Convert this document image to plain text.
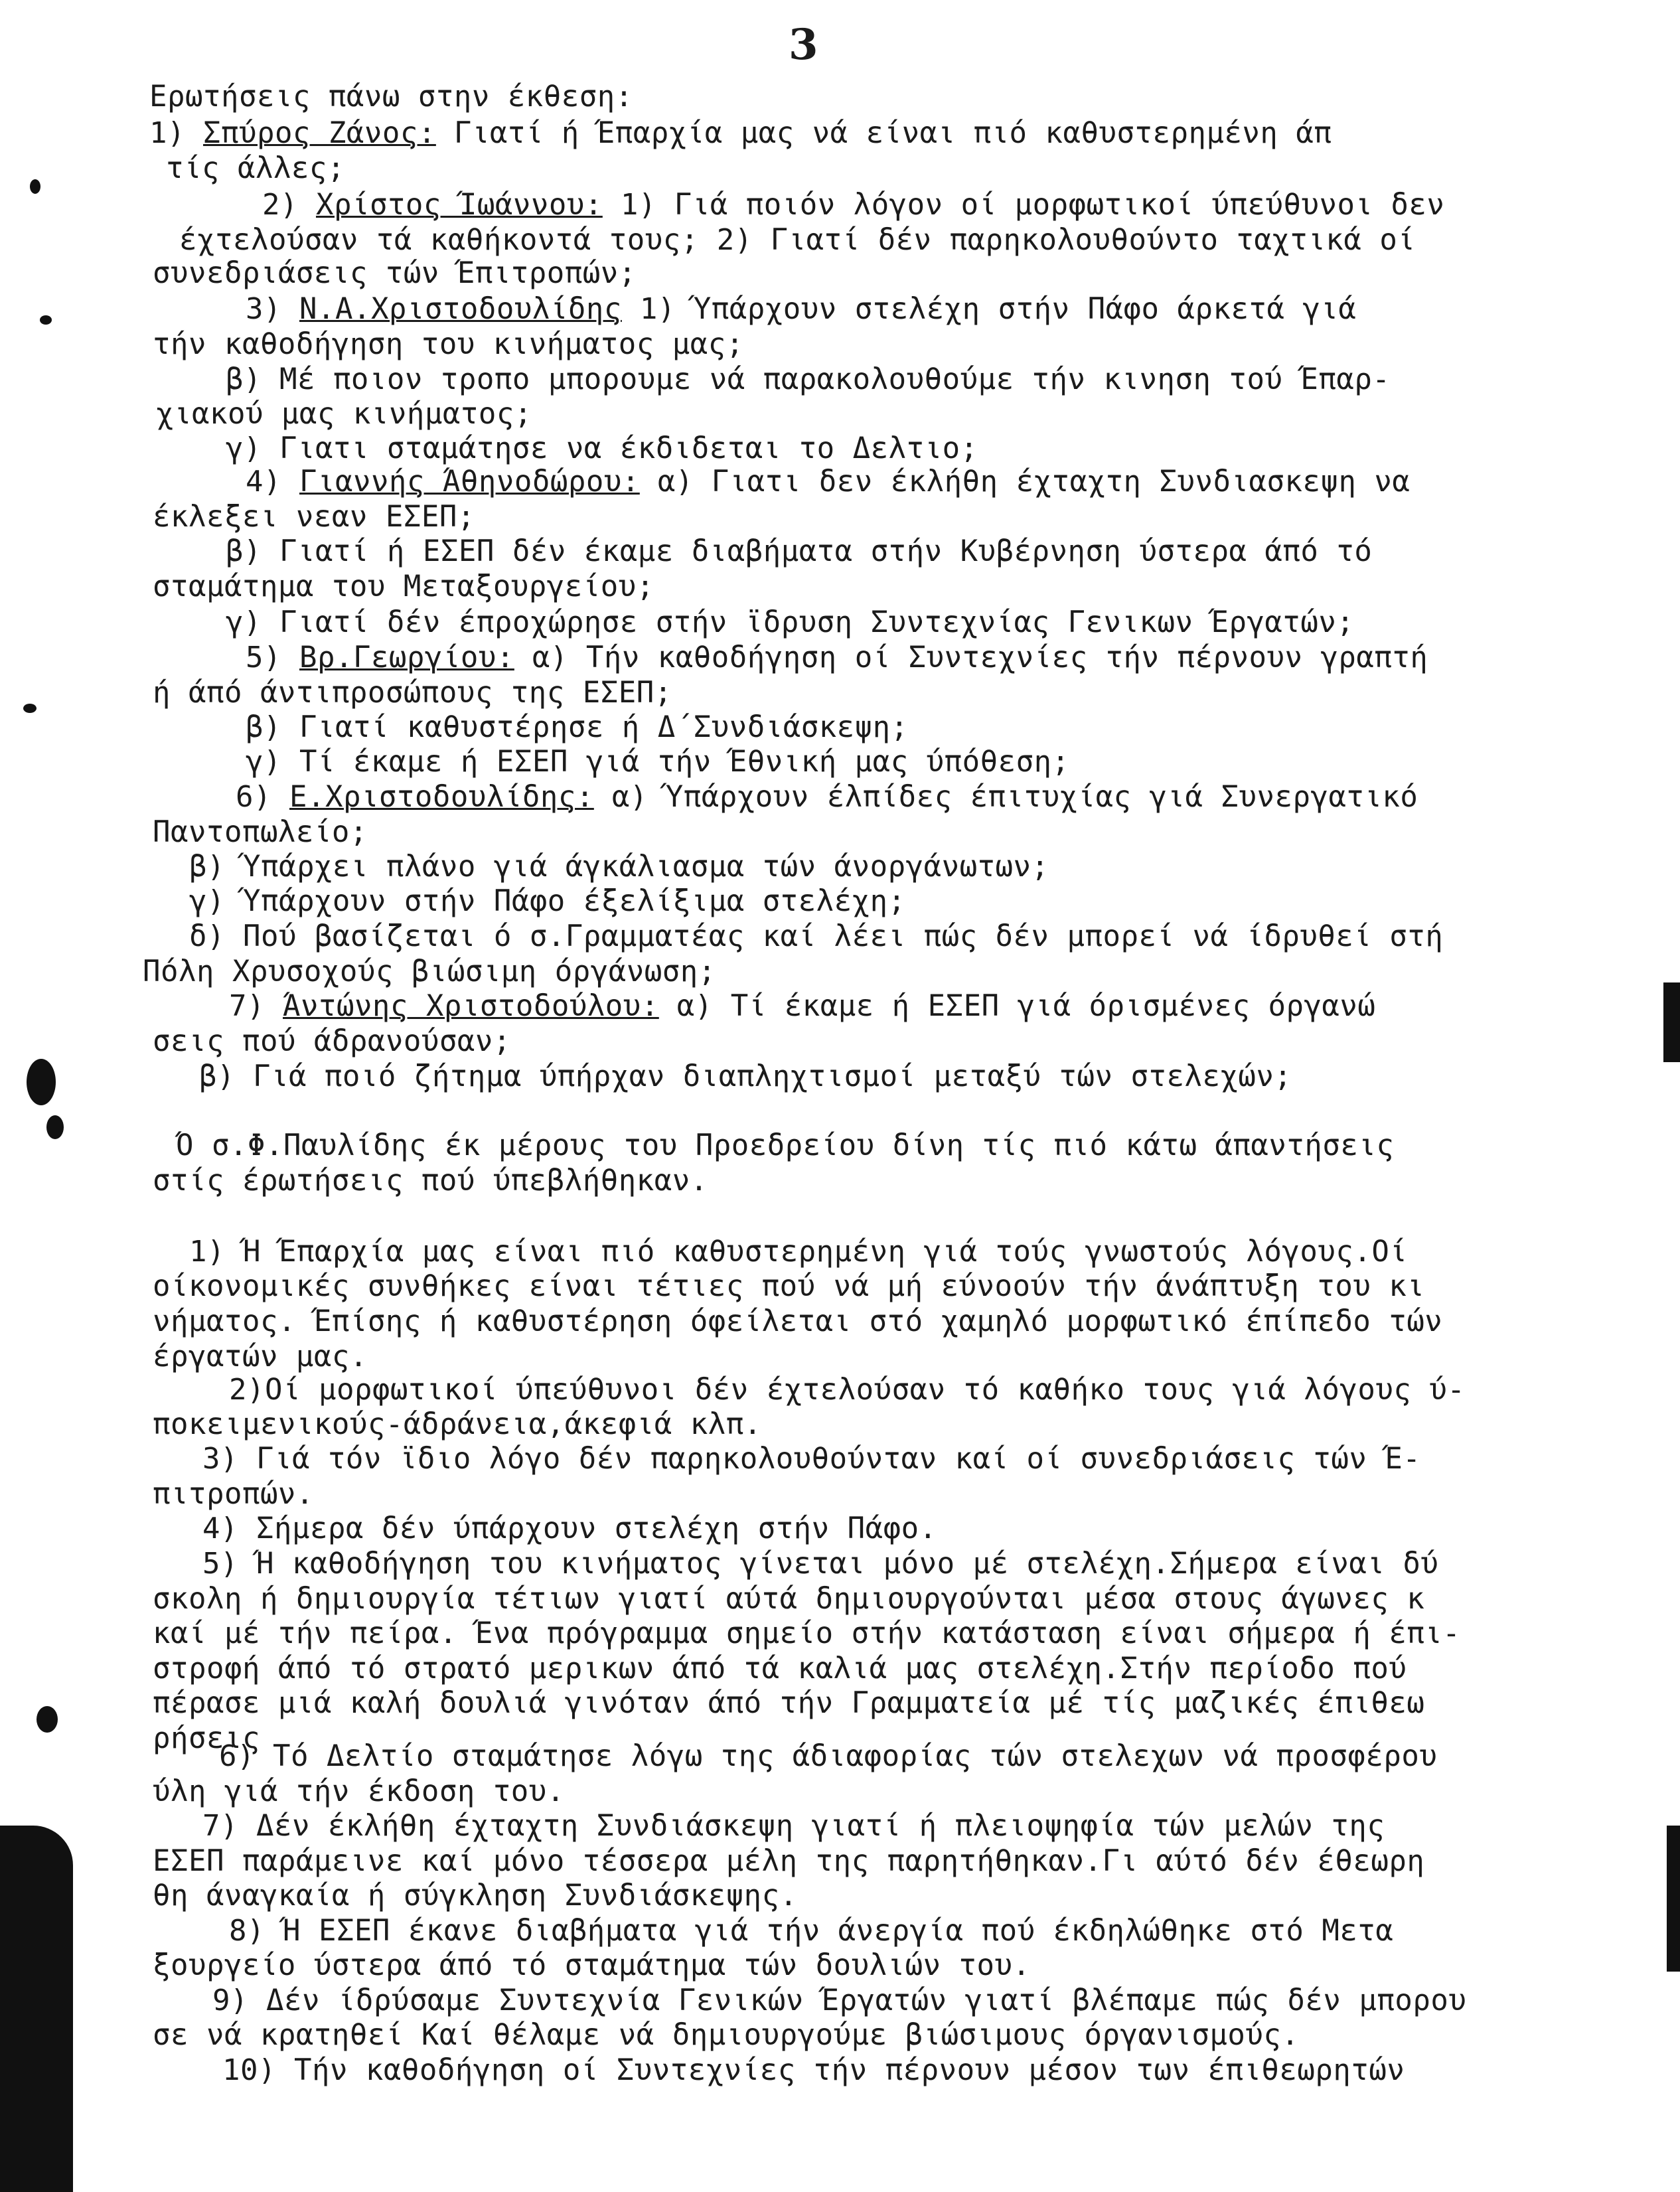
3
Ερωτήσεις πάνω στην έκθεση:
1) Σπύρος Ζάνος: Γιατί ή Έπαρχία μας νά είναι πιό καθυστερημένη άπ
τίς άλλες;
2) Χρίστος Ίωάννου: 1) Γιά ποιόν λόγον οί μορφωτικοί ύπεύθυνοι δεν
έχτελούσαν τά καθήκοντά τους; 2) Γιατί δέν παρηκολουθούντο ταχτικά οί
συνεδριάσεις τών Έπιτροπών;
3) Ν.Α.Χριστοδουλίδης 1) Ύπάρχουν στελέχη στήν Πάφο άρκετά γιά
τήν καθοδήγηση του κινήματος μας;
β) Μέ ποιον τροπο μπορουμε νά παρακολουθούμε τήν κινηση τού Έπαρ-
χιακού μας κινήματος;
γ) Γιατι σταμάτησε να έκδιδεται το Δελτιο;
4) Γιαννής Άθηνοδώρου: α) Γιατι δεν έκλήθη έχταχτη Συνδιασκεψη να
έκλεξει νεαν ΕΣΕΠ;
β) Γιατί ή ΕΣΕΠ δέν έκαμε διαβήματα στήν Κυβέρνηση ύστερα άπό τό
σταμάτημα του Μεταξουργείου;
γ) Γιατί δέν έπροχώρησε στήν ϊδρυση Συντεχνίας Γενικων Έργατών;
5) Βρ.Γεωργίου: α) Τήν καθοδήγηση οί Συντεχνίες τήν πέρνουν γραπτή
ή άπό άντιπροσώπους της ΕΣΕΠ;
β) Γιατί καθυστέρησε ή Δ΄Συνδιάσκεψη;
γ) Τί έκαμε ή ΕΣΕΠ γιά τήν Έθνική μας ύπόθεση;
6) Ε.Χριστοδουλίδης: α) Ύπάρχουν έλπίδες έπιτυχίας γιά Συνεργατικό
Παντοπωλείο;
β) Ύπάρχει πλάνο γιά άγκάλιασμα τών άνοργάνωτων;
γ) Ύπάρχουν στήν Πάφο έξελίξιμα στελέχη;
δ) Πού βασίζεται ό σ.Γραμματέας καί λέει πώς δέν μπορεί νά ίδρυθεί στή
Πόλη Χρυσοχούς βιώσιμη όργάνωση;
7) Άντώνης Χριστοδούλου: α) Τί έκαμε ή ΕΣΕΠ γιά όρισμένες όργανώ
σεις πού άδρανούσαν;
β) Γιά ποιό ζήτημα ύπήρχαν διαπληχτισμοί μεταξύ τών στελεχών;
Ό σ.Φ.Παυλίδης έκ μέρους του Προεδρείου δίνη τίς πιό κάτω άπαντήσεις
στίς έρωτήσεις πού ύπεβλήθηκαν.
1) Ή Έπαρχία μας είναι πιό καθυστερημένη γιά τούς γνωστούς λόγους.Οί
οίκονομικές συνθήκες είναι τέτιες πού νά μή εύνοούν τήν άνάπτυξη του κι
νήματος. Έπίσης ή καθυστέρηση όφείλεται στό χαμηλό μορφωτικό έπίπεδο τών
έργατών μας.
2)Οί μορφωτικοί ύπεύθυνοι δέν έχτελούσαν τό καθήκο τους γιά λόγους ύ-
ποκειμενικούς-άδράνεια,άκεφιά κλπ.
3) Γιά τόν ϊδιο λόγο δέν παρηκολουθούνταν καί οί συνεδριάσεις τών Έ-
πιτροπών.
4) Σήμερα δέν ύπάρχουν στελέχη στήν Πάφο.
5) Ή καθοδήγηση του κινήματος γίνεται μόνο μέ στελέχη.Σήμερα είναι δύ
σκολη ή δημιουργία τέτιων γιατί αύτά δημιουργούνται μέσα στους άγωνες κ
καί μέ τήν πείρα. Ένα πρόγραμμα σημείο στήν κατάσταση είναι σήμερα ή έπι-
στροφή άπό τό στρατό μερικων άπό τά καλιά μας στελέχη.Στήν περίοδο πού
πέρασε μιά καλή δουλιά γινόταν άπό τήν Γραμματεία μέ τίς μαζικές έπιθεω
ρήσεις
6) Τό Δελτίο σταμάτησε λόγω της άδιαφορίας τών στελεχων νά προσφέρου
ύλη γιά τήν έκδοση του.
7) Δέν έκλήθη έχταχτη Συνδιάσκεψη γιατί ή πλειοψηφία τών μελών της
ΕΣΕΠ παράμεινε καί μόνο τέσσερα μέλη της παρητήθηκαν.Γι αύτό δέν έθεωρη
θη άναγκαία ή σύγκληση Συνδιάσκεψης.
8) Ή ΕΣΕΠ έκανε διαβήματα γιά τήν άνεργία πού έκδηλώθηκε στό Μετα
ξουργείο ύστερα άπό τό σταμάτημα τών δουλιών του.
9) Δέν ίδρύσαμε Συντεχνία Γενικών Έργατών γιατί βλέπαμε πώς δέν μπορου
σε νά κρατηθεί Καί θέλαμε νά δημιουργούμε βιώσιμους όργανισμούς.
10) Τήν καθοδήγηση οί Συντεχνίες τήν πέρνουν μέσον των έπιθεωρητών
